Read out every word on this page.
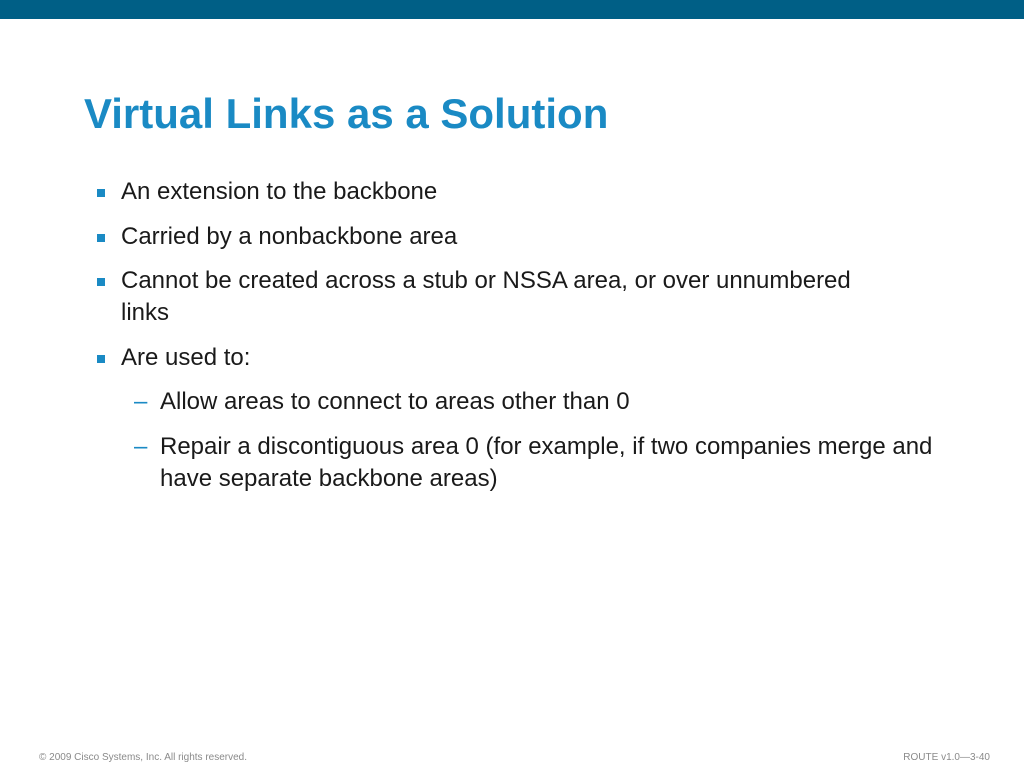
Virtual Links as a Solution
An extension to the backbone
Carried by a nonbackbone area
Cannot be created across a stub or NSSA area, or over unnumbered links
Are used to:
– Allow areas to connect to areas other than 0
– Repair a discontiguous area 0 (for example, if two companies merge and have separate backbone areas)
© 2009 Cisco Systems, Inc. All rights reserved.	ROUTE v1.0—3-40
